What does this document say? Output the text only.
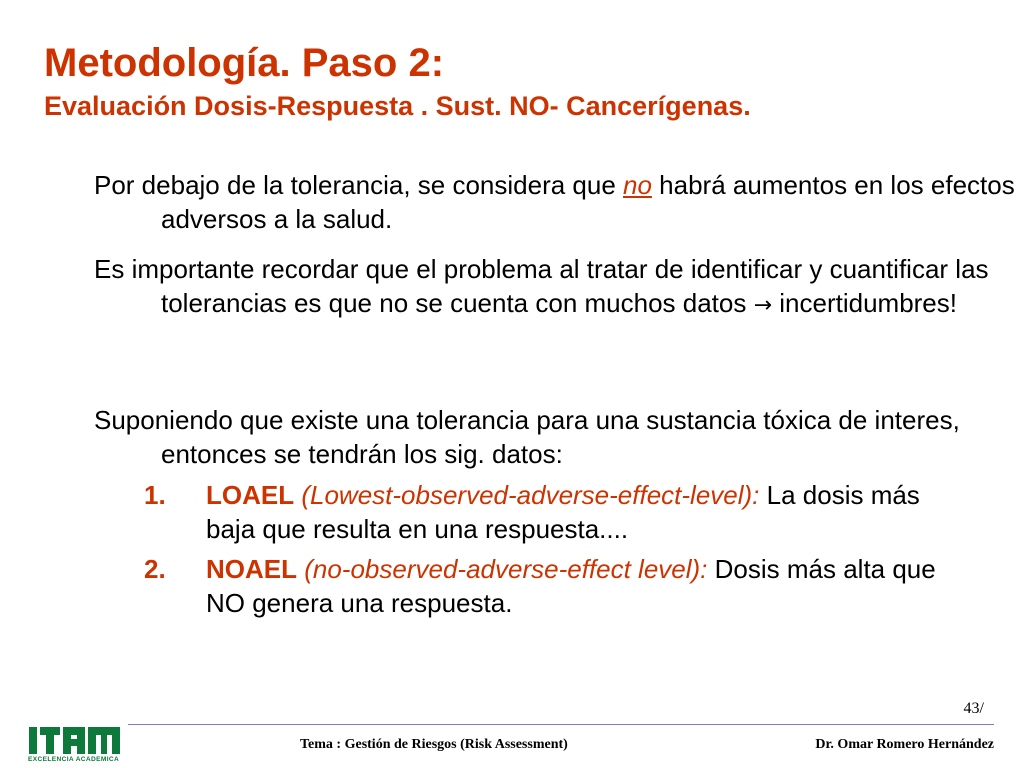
Metodología. Paso 2:
Evaluación Dosis-Respuesta . Sust. NO- Cancerígenas.

Por debajo de la tolerancia, se considera que no habrá aumentos en los efectos adversos a la salud.

Es importante recordar que el problema al tratar de identificar y cuantificar las tolerancias es que no se cuenta con muchos datos → incertidumbres!

Suponiendo que existe una tolerancia para una sustancia tóxica de interes, entonces se tendrán los sig. datos:

1. LOAEL (Lowest-observed-adverse-effect-level): La dosis más baja que resulta en una respuesta....
2. NOAEL (no-observed-adverse-effect level): Dosis más alta que NO genera una respuesta.
43/
EXCELENCIA ACADEMICA
Tema : Gestión de Riesgos (Risk Assessment)	Dr. Omar Romero Hernández
